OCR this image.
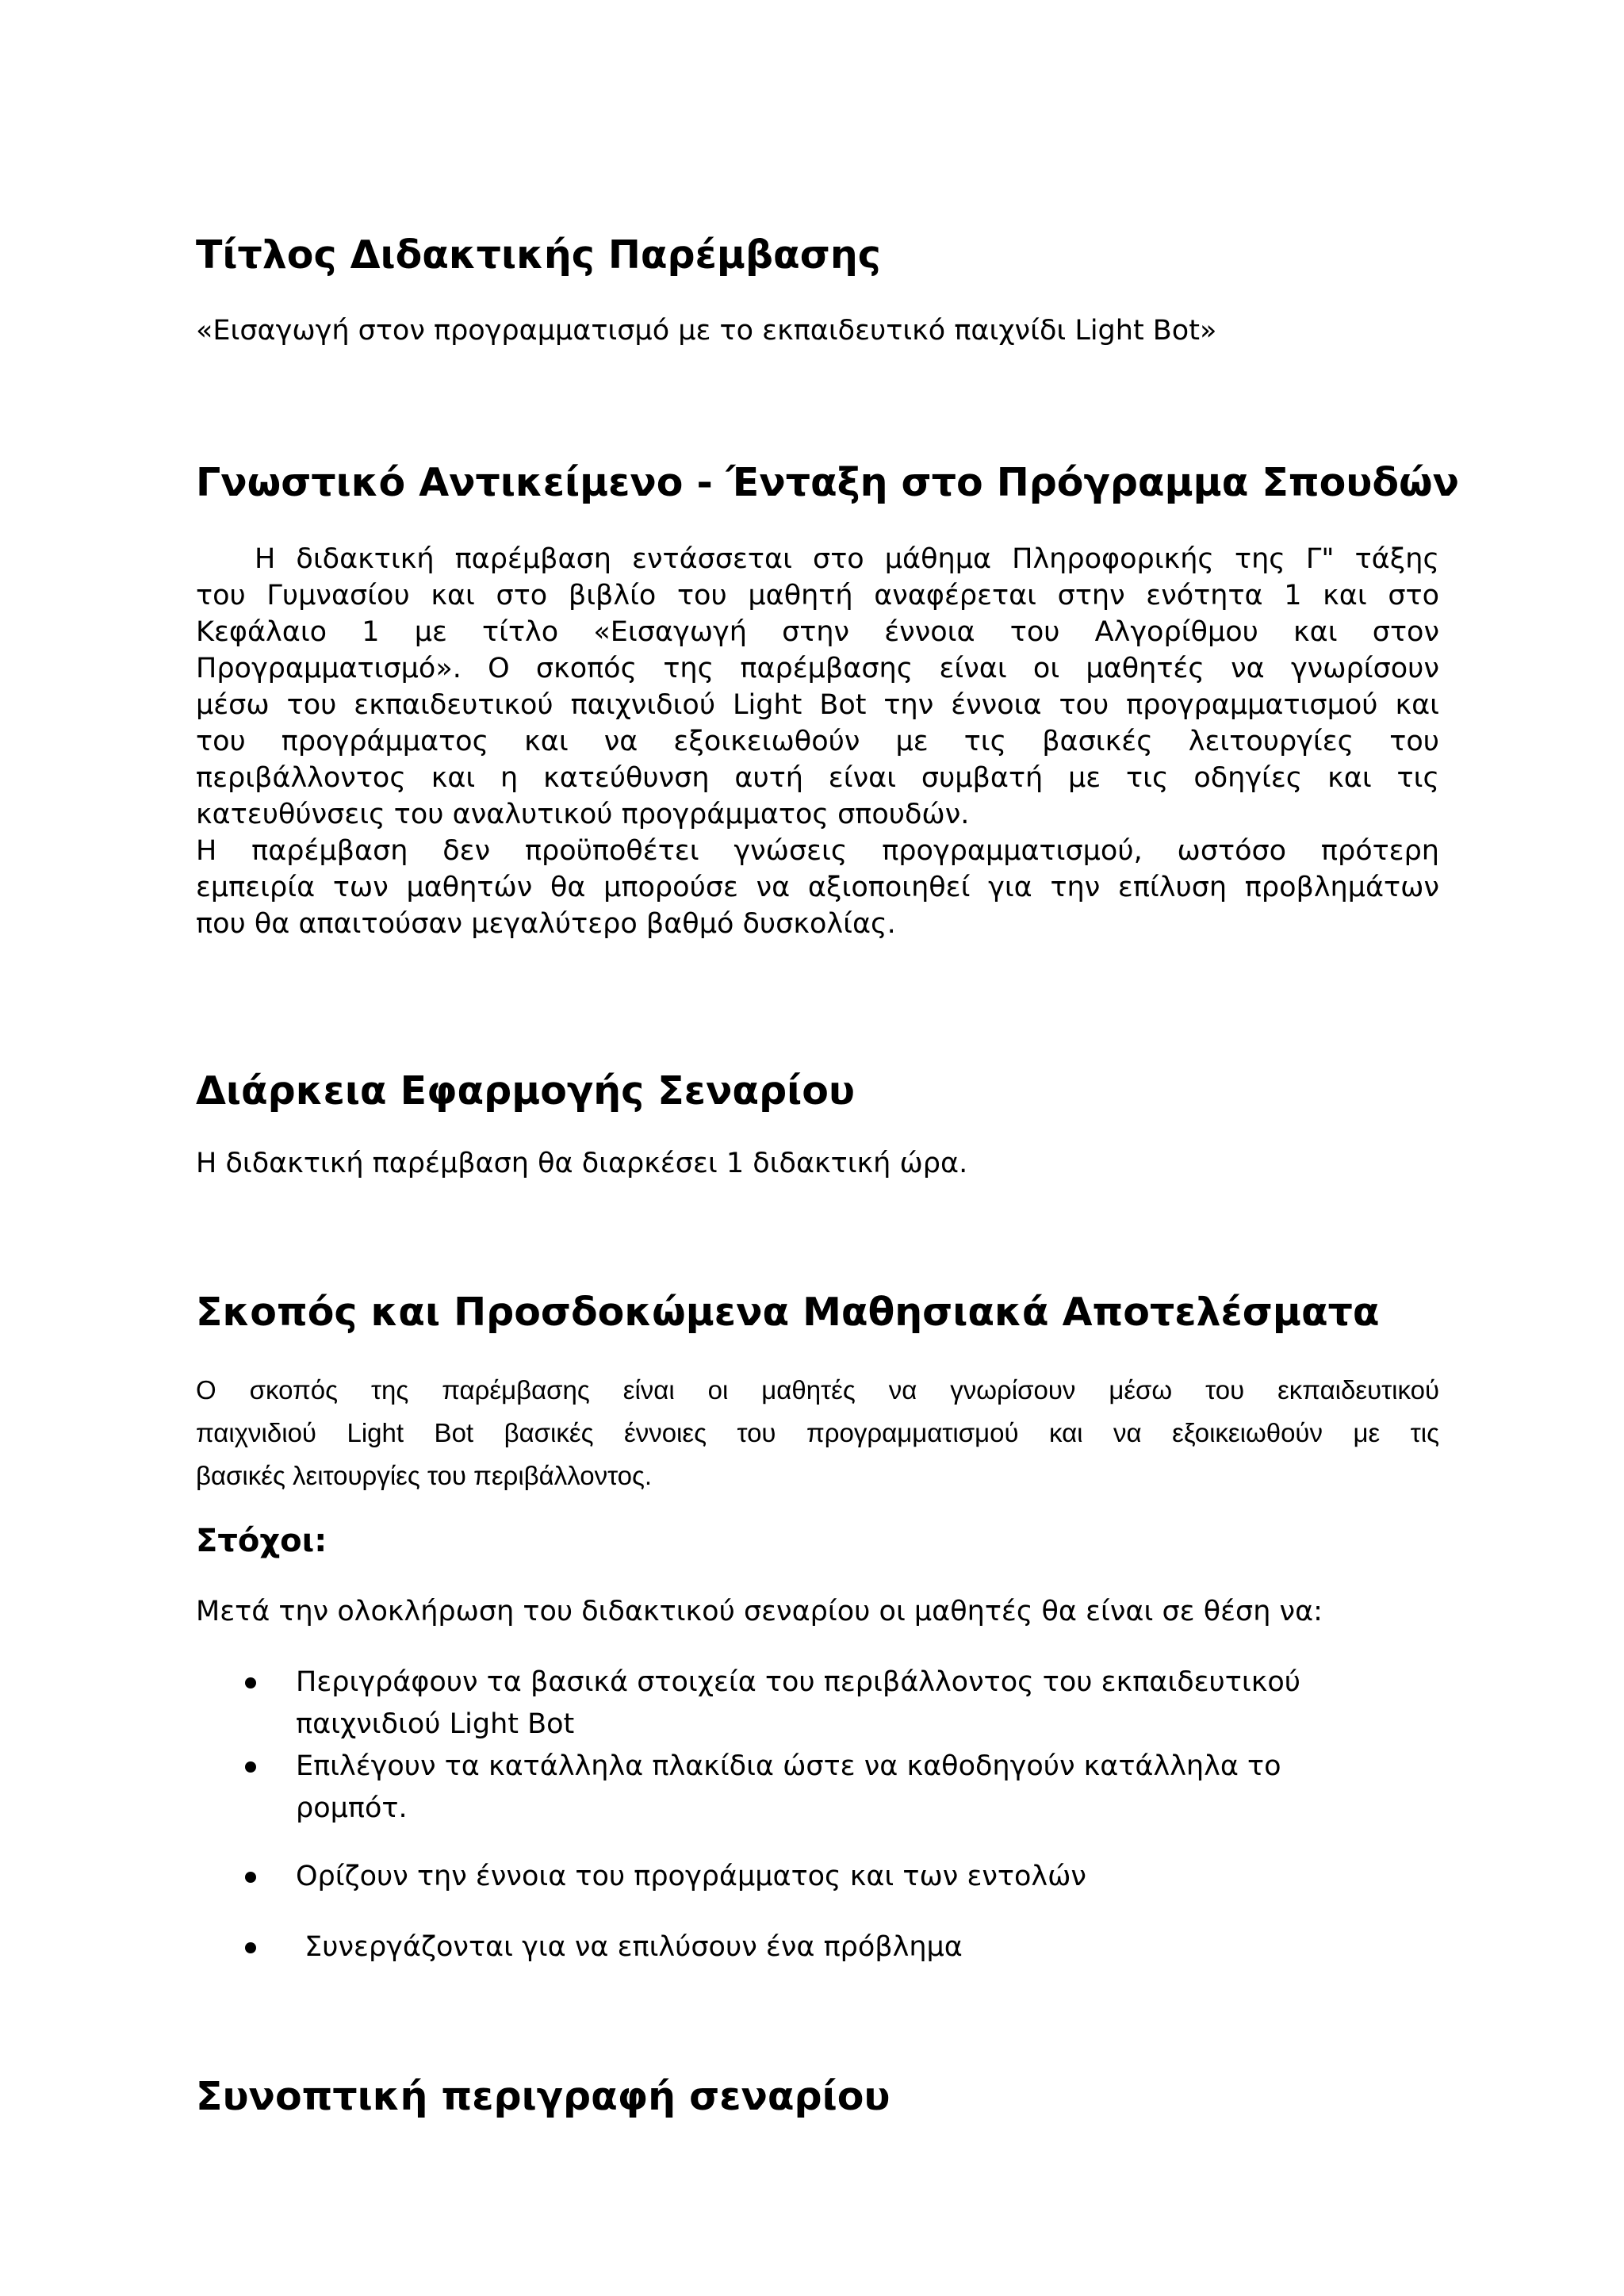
Τίτλος Διδακτικής Παρέμβασης

«Εισαγωγή στον προγραμματισμό με το εκπαιδευτικό παιχνίδι Light Bot»

Γνωστικό Αντικείμενο - Ένταξη στο Πρόγραμμα Σπουδών

Η διδακτική παρέμβαση εντάσσεται στο μάθημα Πληροφορικής της Γ" τάξης

του Γυμνασίου και στο βιβλίο του μαθητή αναφέρεται στην ενότητα 1 και στο

Κεφάλαιο 1 με τίτλο «Εισαγωγή στην έννοια του Αλγορίθμου και στον

Προγραμματισμό». Ο σκοπός της παρέμβασης είναι οι μαθητές να γνωρίσουν

μέσω του εκπαιδευτικού παιχνιδιού Light Bot την έννοια του προγραμματισμού και

του προγράμματος και να εξοικειωθούν με τις βασικές λειτουργίες του

περιβάλλοντος και η κατεύθυνση αυτή είναι συμβατή με τις οδηγίες και τις

κατευθύνσεις του αναλυτικού προγράμματος σπουδών.

Η παρέμβαση δεν προϋποθέτει γνώσεις προγραμματισμού, ωστόσο πρότερη

εμπειρία των μαθητών θα μπορούσε να αξιοποιηθεί για την επίλυση προβλημάτων

που θα απαιτούσαν μεγαλύτερο βαθμό δυσκολίας.

Διάρκεια Εφαρμογής Σεναρίου

Η διδακτική παρέμβαση θα διαρκέσει 1 διδακτική ώρα.

Σκοπός και Προσδοκώμενα Μαθησιακά Αποτελέσματα

Ο σκοπός της παρέμβασης είναι οι μαθητές να γνωρίσουν μέσω του εκπαιδευτικού

παιχνιδιού Light Bot βασικές έννοιες του προγραμματισμού και να εξοικειωθούν με τις

βασικές λειτουργίες του περιβάλλοντος.

Στόχοι:

Μετά την ολοκλήρωση του διδακτικού σεναρίου οι μαθητές θα είναι σε θέση να:

Περιγράφουν τα βασικά στοιχεία του περιβάλλοντος του εκπαιδευτικού

παιχνιδιού Light Bot

Επιλέγουν τα κατάλληλα πλακίδια ώστε να καθοδηγούν κατάλληλα το

ρομπότ.

Ορίζουν την έννοια του προγράμματος και των εντολών

Συνεργάζονται για να επιλύσουν ένα πρόβλημα

Συνοπτική περιγραφή σεναρίου
